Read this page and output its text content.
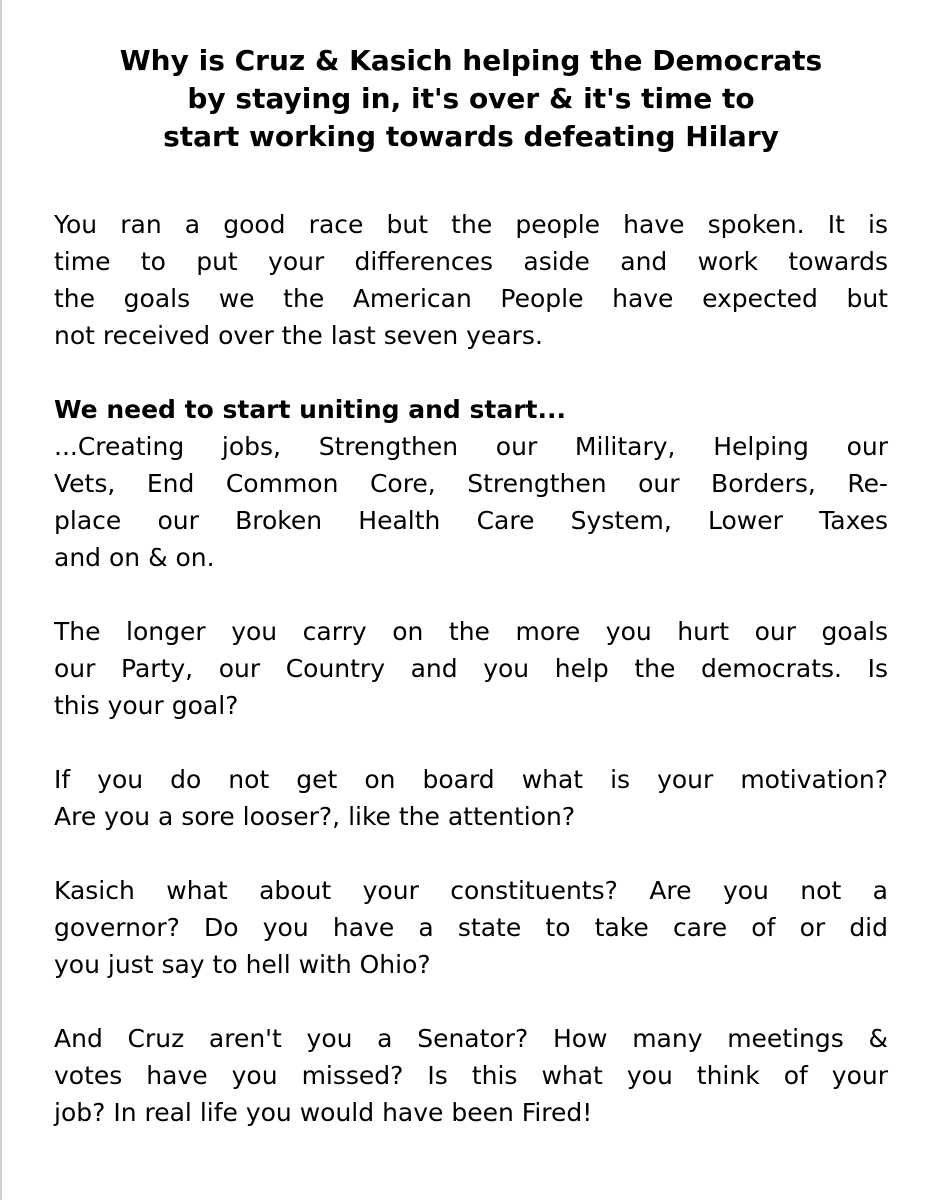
Why is Cruz & Kasich helping the Democrats
by staying in, it's over & it's time to
start working towards defeating Hilary

You ran a good race but the people have spoken. It is
time to put your differences aside and work towards
the goals we the American People have expected but
not received over the last seven years.

We need to start uniting and start...
...Creating jobs, Strengthen our Military, Helping our
Vets, End Common Core, Strengthen our Borders, Re-
place our Broken Health Care System, Lower Taxes
and on & on.

The longer you carry on the more you hurt our goals
our Party, our Country and you help the democrats. Is
this your goal?

If you do not get on board what is your motivation?
Are you a sore looser?, like the attention?

Kasich what about your constituents? Are you not a
governor? Do you have a state to take care of or did
you just say to hell with Ohio?

And Cruz aren't you a Senator? How many meetings &
votes have you missed? Is this what you think of your
job? In real life you would have been Fired!
